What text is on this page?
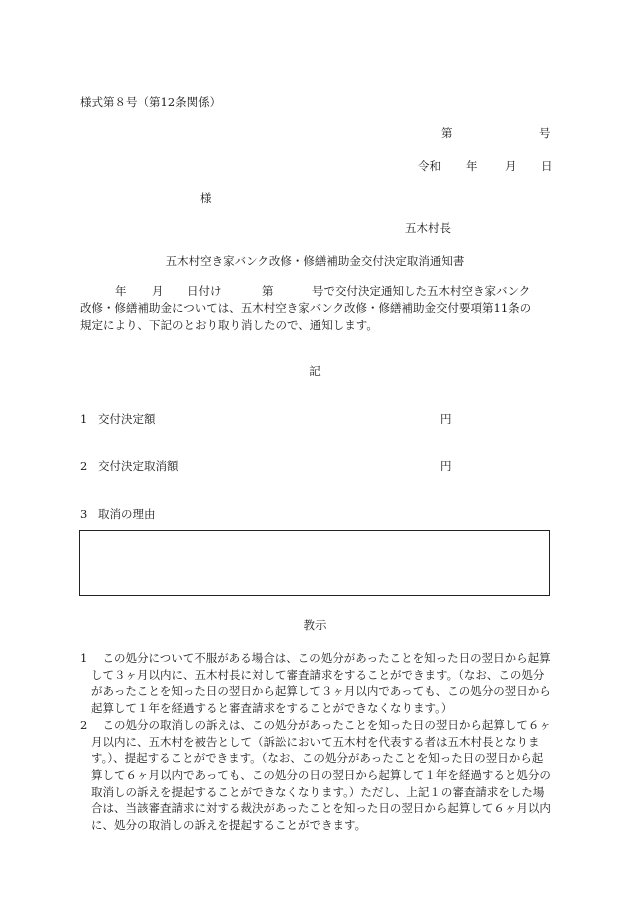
様式第８号（第12条関係）
第	号
令和 年 月 日
様
五木村長
五木村空き家バンク改修・修繕補助金交付決定取消通知書
年 月 日付け	第	号で交付決定通知した五木村空き家バンク
改修・修繕補助金については、五木村空き家バンク改修・修繕補助金交付要項第11条の
規定により、下記のとおり取り消したので、通知します。
記
1 交付決定額	円
2 交付決定取消額	円
3 取消の理由
教示
1 　この処分について不服がある場合は、この処分があったことを知った日の翌日から起算して３ヶ月以内に、五木村長に対して審査請求をすることができます。（なお、この処分があったことを知った日の翌日から起算して３ヶ月以内であっても、この処分の翌日から起算して１年を経過すると審査請求をすることができなくなります。）
2 　この処分の取消しの訴えは、この処分があったことを知った日の翌日から起算して６ヶ月以内に、五木村を被告として（訴訟において五木村を代表する者は五木村長となります。）、提起することができます。（なお、この処分があったことを知った日の翌日から起算して６ヶ月以内であっても、この処分の日の翌日から起算して１年を経過すると処分の取消しの訴えを提起することができなくなります。）ただし、上記１の審査請求をした場合は、当該審査請求に対する裁決があったことを知った日の翌日から起算して６ヶ月以内に、処分の取消しの訴えを提起することができます。
